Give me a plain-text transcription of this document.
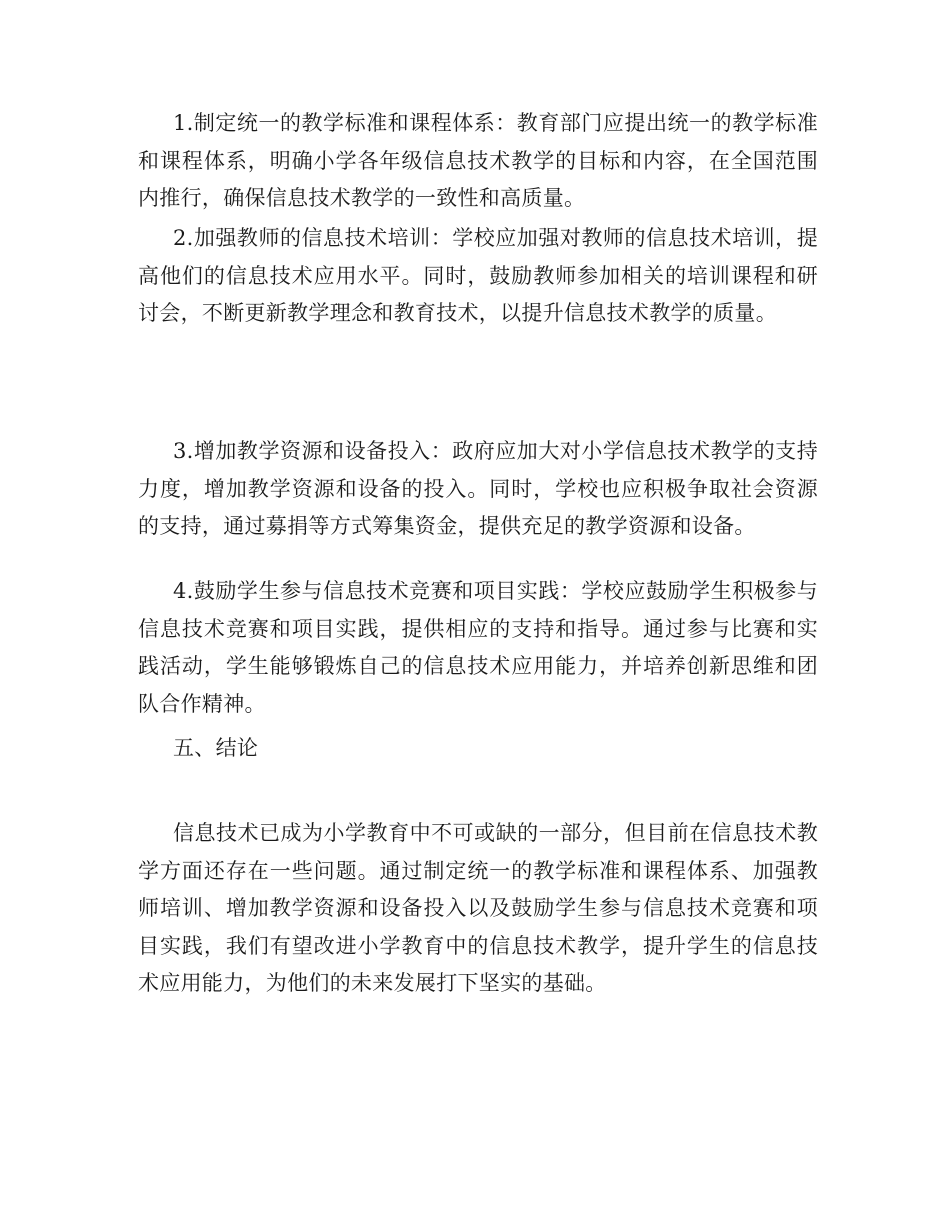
1.制定统一的教学标准和课程体系：教育部门应提出统一的教学标准和课程体系，明确小学各年级信息技术教学的目标和内容，在全国范围内推行，确保信息技术教学的一致性和高质量。

2.加强教师的信息技术培训：学校应加强对教师的信息技术培训，提高他们的信息技术应用水平。同时，鼓励教师参加相关的培训课程和研讨会，不断更新教学理念和教育技术，以提升信息技术教学的质量。

3.增加教学资源和设备投入：政府应加大对小学信息技术教学的支持力度，增加教学资源和设备的投入。同时，学校也应积极争取社会资源的支持，通过募捐等方式筹集资金，提供充足的教学资源和设备。

4.鼓励学生参与信息技术竞赛和项目实践：学校应鼓励学生积极参与信息技术竞赛和项目实践，提供相应的支持和指导。通过参与比赛和实践活动，学生能够锻炼自己的信息技术应用能力，并培养创新思维和团队合作精神。

五、结论

信息技术已成为小学教育中不可或缺的一部分，但目前在信息技术教学方面还存在一些问题。通过制定统一的教学标准和课程体系、加强教师培训、增加教学资源和设备投入以及鼓励学生参与信息技术竞赛和项目实践，我们有望改进小学教育中的信息技术教学，提升学生的信息技术应用能力，为他们的未来发展打下坚实的基础。
